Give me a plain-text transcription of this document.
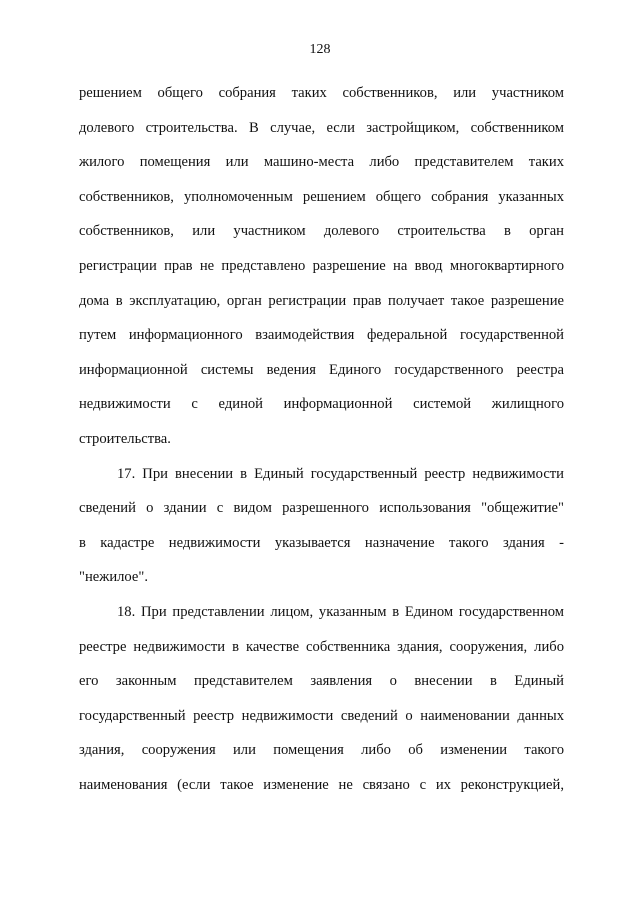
128
решением общего собрания таких собственников, или участником
долевого строительства. В случае, если застройщиком, собственником
жилого помещения или машино-места либо представителем таких
собственников, уполномоченным решением общего собрания указанных
собственников, или участником долевого строительства в орган
регистрации прав не представлено разрешение на ввод многоквартирного
дома в эксплуатацию, орган регистрации прав получает такое разрешение
путем информационного взаимодействия федеральной государственной
информационной системы ведения Единого государственного реестра
недвижимости с единой информационной системой жилищного
строительства.
17. При внесении в Единый государственный реестр недвижимости
сведений о здании с видом разрешенного использования "общежитие"
в кадастре недвижимости указывается назначение такого здания -
"нежилое".
18. При представлении лицом, указанным в Едином государственном
реестре недвижимости в качестве собственника здания, сооружения, либо
его законным представителем заявления о внесении в Единый
государственный реестр недвижимости сведений о наименовании данных
здания, сооружения или помещения либо об изменении такого
наименования (если такое изменение не связано с их реконструкцией,
